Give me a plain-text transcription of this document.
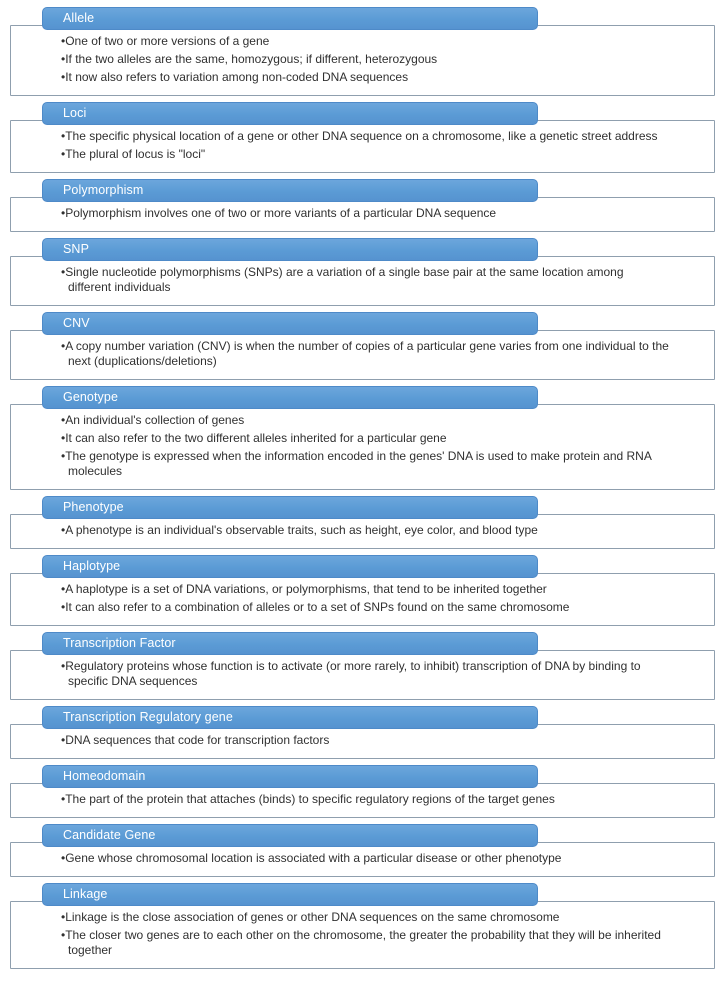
Allele
• One of two or more versions of a gene
• If the two alleles are the same, homozygous; if different, heterozygous
• It now also refers to variation among non-coded DNA sequences
Loci
• The specific physical location of a gene or other DNA sequence on a chromosome, like a genetic street address
• The plural of locus is "loci"
Polymorphism
• Polymorphism involves one of two or more variants of a particular DNA sequence
SNP
• Single nucleotide polymorphisms (SNPs) are a variation of a single base pair at the same location among different individuals
CNV
• A copy number variation (CNV) is when the number of copies of a particular gene varies from one individual to the next (duplications/deletions)
Genotype
• An individual's collection of genes
• It can also refer to the two different alleles inherited for a particular gene
• The genotype is expressed when the information encoded in the genes' DNA is used to make protein and RNA molecules
Phenotype
• A phenotype is an individual's observable traits, such as height, eye color, and blood type
Haplotype
• A haplotype is a set of DNA variations, or polymorphisms, that tend to be inherited together
• It can also refer to a combination of alleles or to a set of SNPs found on the same chromosome
Transcription Factor
• Regulatory proteins whose function is to activate (or more rarely, to inhibit) transcription of DNA by binding to specific DNA sequences
Transcription Regulatory gene
• DNA sequences that code for transcription factors
Homeodomain
• The part of the protein that attaches (binds) to specific regulatory regions of the target genes
Candidate Gene
• Gene whose chromosomal location is associated with a particular disease or other phenotype
Linkage
• Linkage is the close association of genes or other DNA sequences on the same chromosome
• The closer two genes are to each other on the chromosome, the greater the probability that they will be inherited together
